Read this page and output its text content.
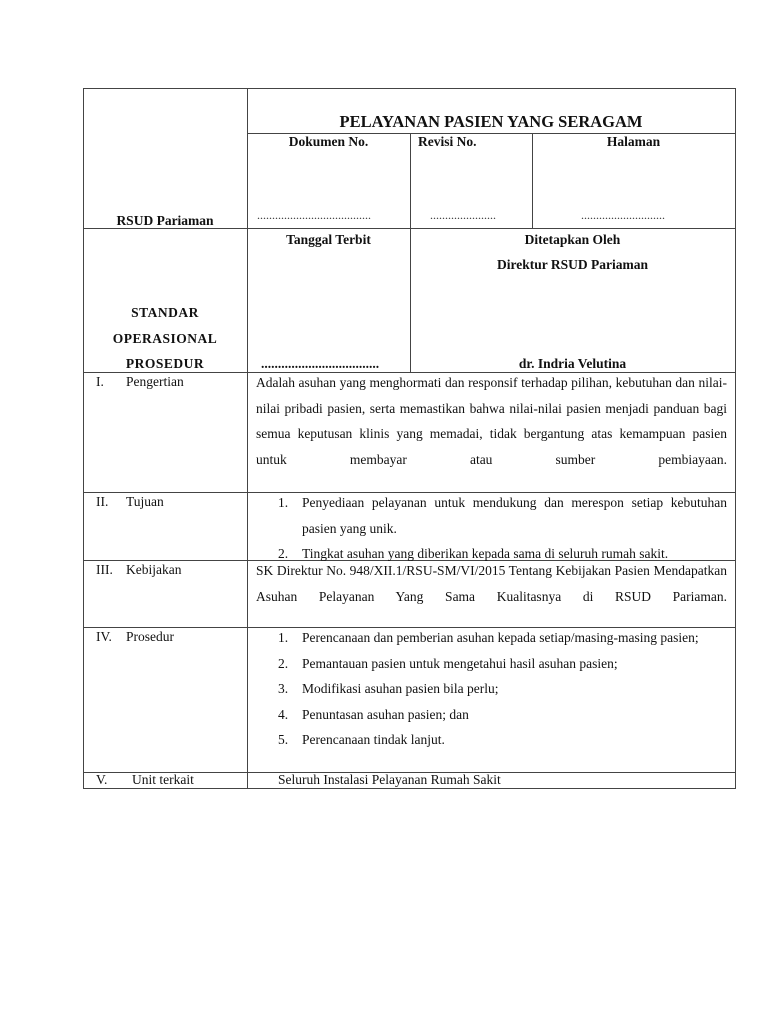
RSUD Pariaman
PELAYANAN PASIEN YANG SERAGAM
Dokumen No.	Revisi No.	Halaman
......................................	......................	............................
STANDAR
OPERASIONAL
PROSEDUR
Tanggal Terbit
...................................
Ditetapkan Oleh
Direktur RSUD Pariaman
dr. Indria Velutina
I. Pengertian	Adalah asuhan yang menghormati dan responsif terhadap pilihan, kebutuhan dan nilai-nilai pribadi pasien, serta memastikan bahwa nilai-nilai pasien menjadi panduan bagi semua keputusan klinis yang memadai, tidak bergantung atas kemampuan pasien untuk membayar atau sumber pembiayaan.
II. Tujuan	1. Penyediaan pelayanan untuk mendukung dan merespon setiap kebutuhan pasien yang unik.
2. Tingkat asuhan yang diberikan kepada sama di seluruh rumah sakit.
III. Kebijakan	SK Direktur No. 948/XII.1/RSU-SM/VI/2015 Tentang Kebijakan Pasien Mendapatkan Asuhan Pelayanan Yang Sama Kualitasnya di RSUD Pariaman.
IV. Prosedur	1. Perencanaan dan pemberian asuhan kepada setiap/masing-masing pasien;
2. Pemantauan pasien untuk mengetahui hasil asuhan pasien;
3. Modifikasi asuhan pasien bila perlu;
4. Penuntasan asuhan pasien; dan
5. Perencanaan tindak lanjut.
V. Unit terkait	Seluruh Instalasi Pelayanan Rumah Sakit
